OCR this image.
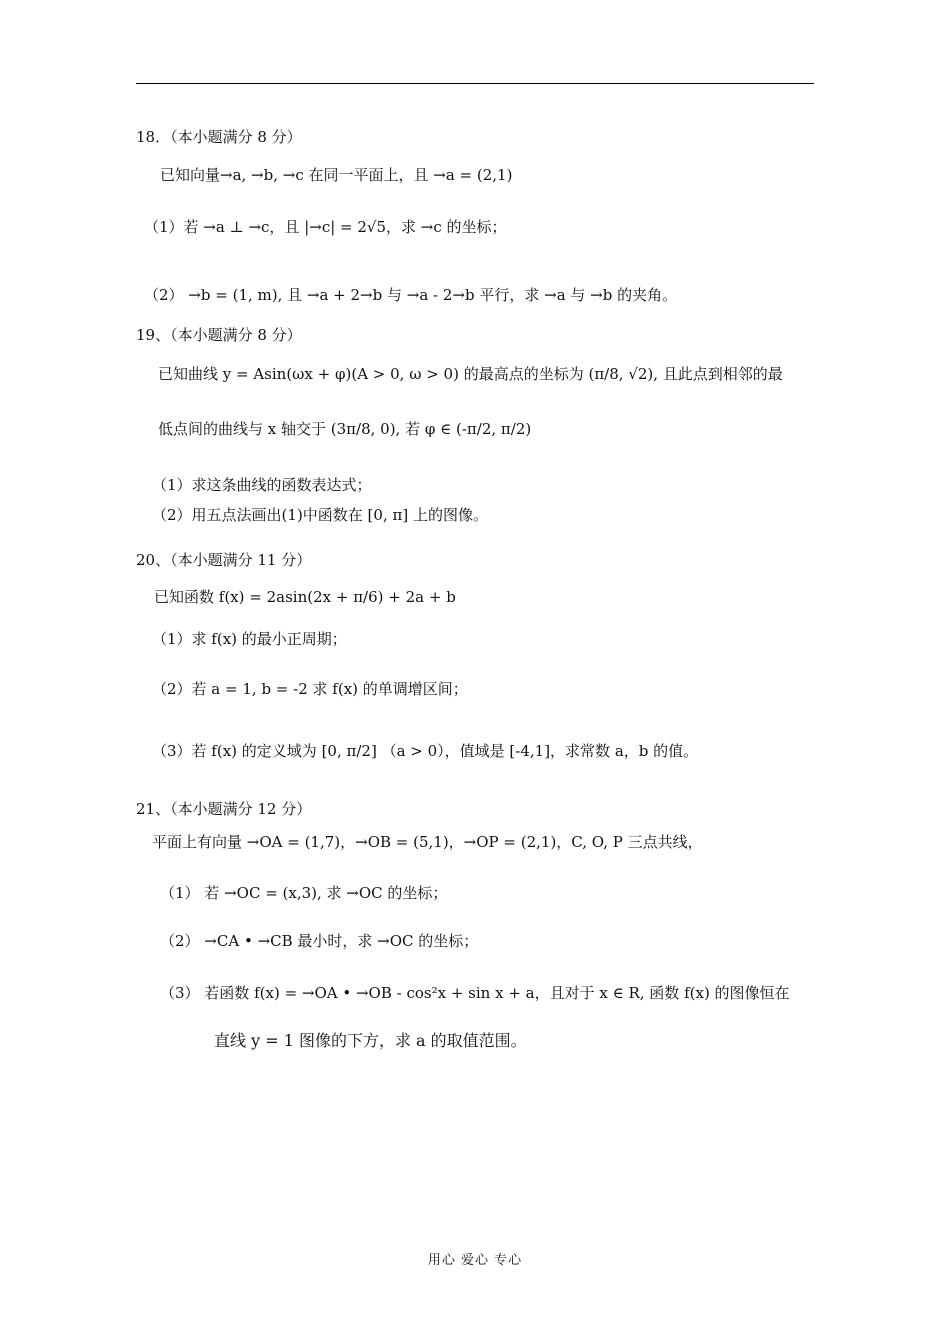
18．（本小题满分 8 分）
已知向量→a, →b, →c 在同一平面上，且 →a = (2,1)
（1）若 →a ⊥ →c，且 |→c| = 2√5，求 →c 的坐标；
（2） →b = (1, m), 且 →a + 2→b 与 →a - 2→b 平行，求 →a 与 →b 的夹角。
19、（本小题满分 8 分）
已知曲线 y = Asin(ωx + φ)(A > 0, ω > 0) 的最高点的坐标为 (π/8, √2), 且此点到相邻的最
低点间的曲线与 x 轴交于 (3π/8, 0), 若 φ ∈ (-π/2, π/2)
（1）求这条曲线的函数表达式；
（2）用五点法画出(1)中函数在 [0, π] 上的图像。
20、（本小题满分 11 分）
已知函数 f(x) = 2asin(2x + π/6) + 2a + b
（1）求 f(x) 的最小正周期；
（2）若 a = 1, b = -2 求 f(x) 的单调增区间；
（3）若 f(x) 的定义域为 [0, π/2] （a > 0），值域是 [-4,1]，求常数 a，b 的值。
21、（本小题满分 12 分）
平面上有向量 →OA = (1,7)，→OB = (5,1)，→OP = (2,1)，C, O, P 三点共线，
（1） 若 →OC = (x,3), 求 →OC 的坐标；
（2） →CA • →CB 最小时，求 →OC 的坐标；
（3） 若函数 f(x) = →OA • →OB - cos²x + sin x + a，且对于 x ∈ R, 函数 f(x) 的图像恒在
直线 y = 1 图像的下方，求 a 的取值范围。
用心 爱心 专心
